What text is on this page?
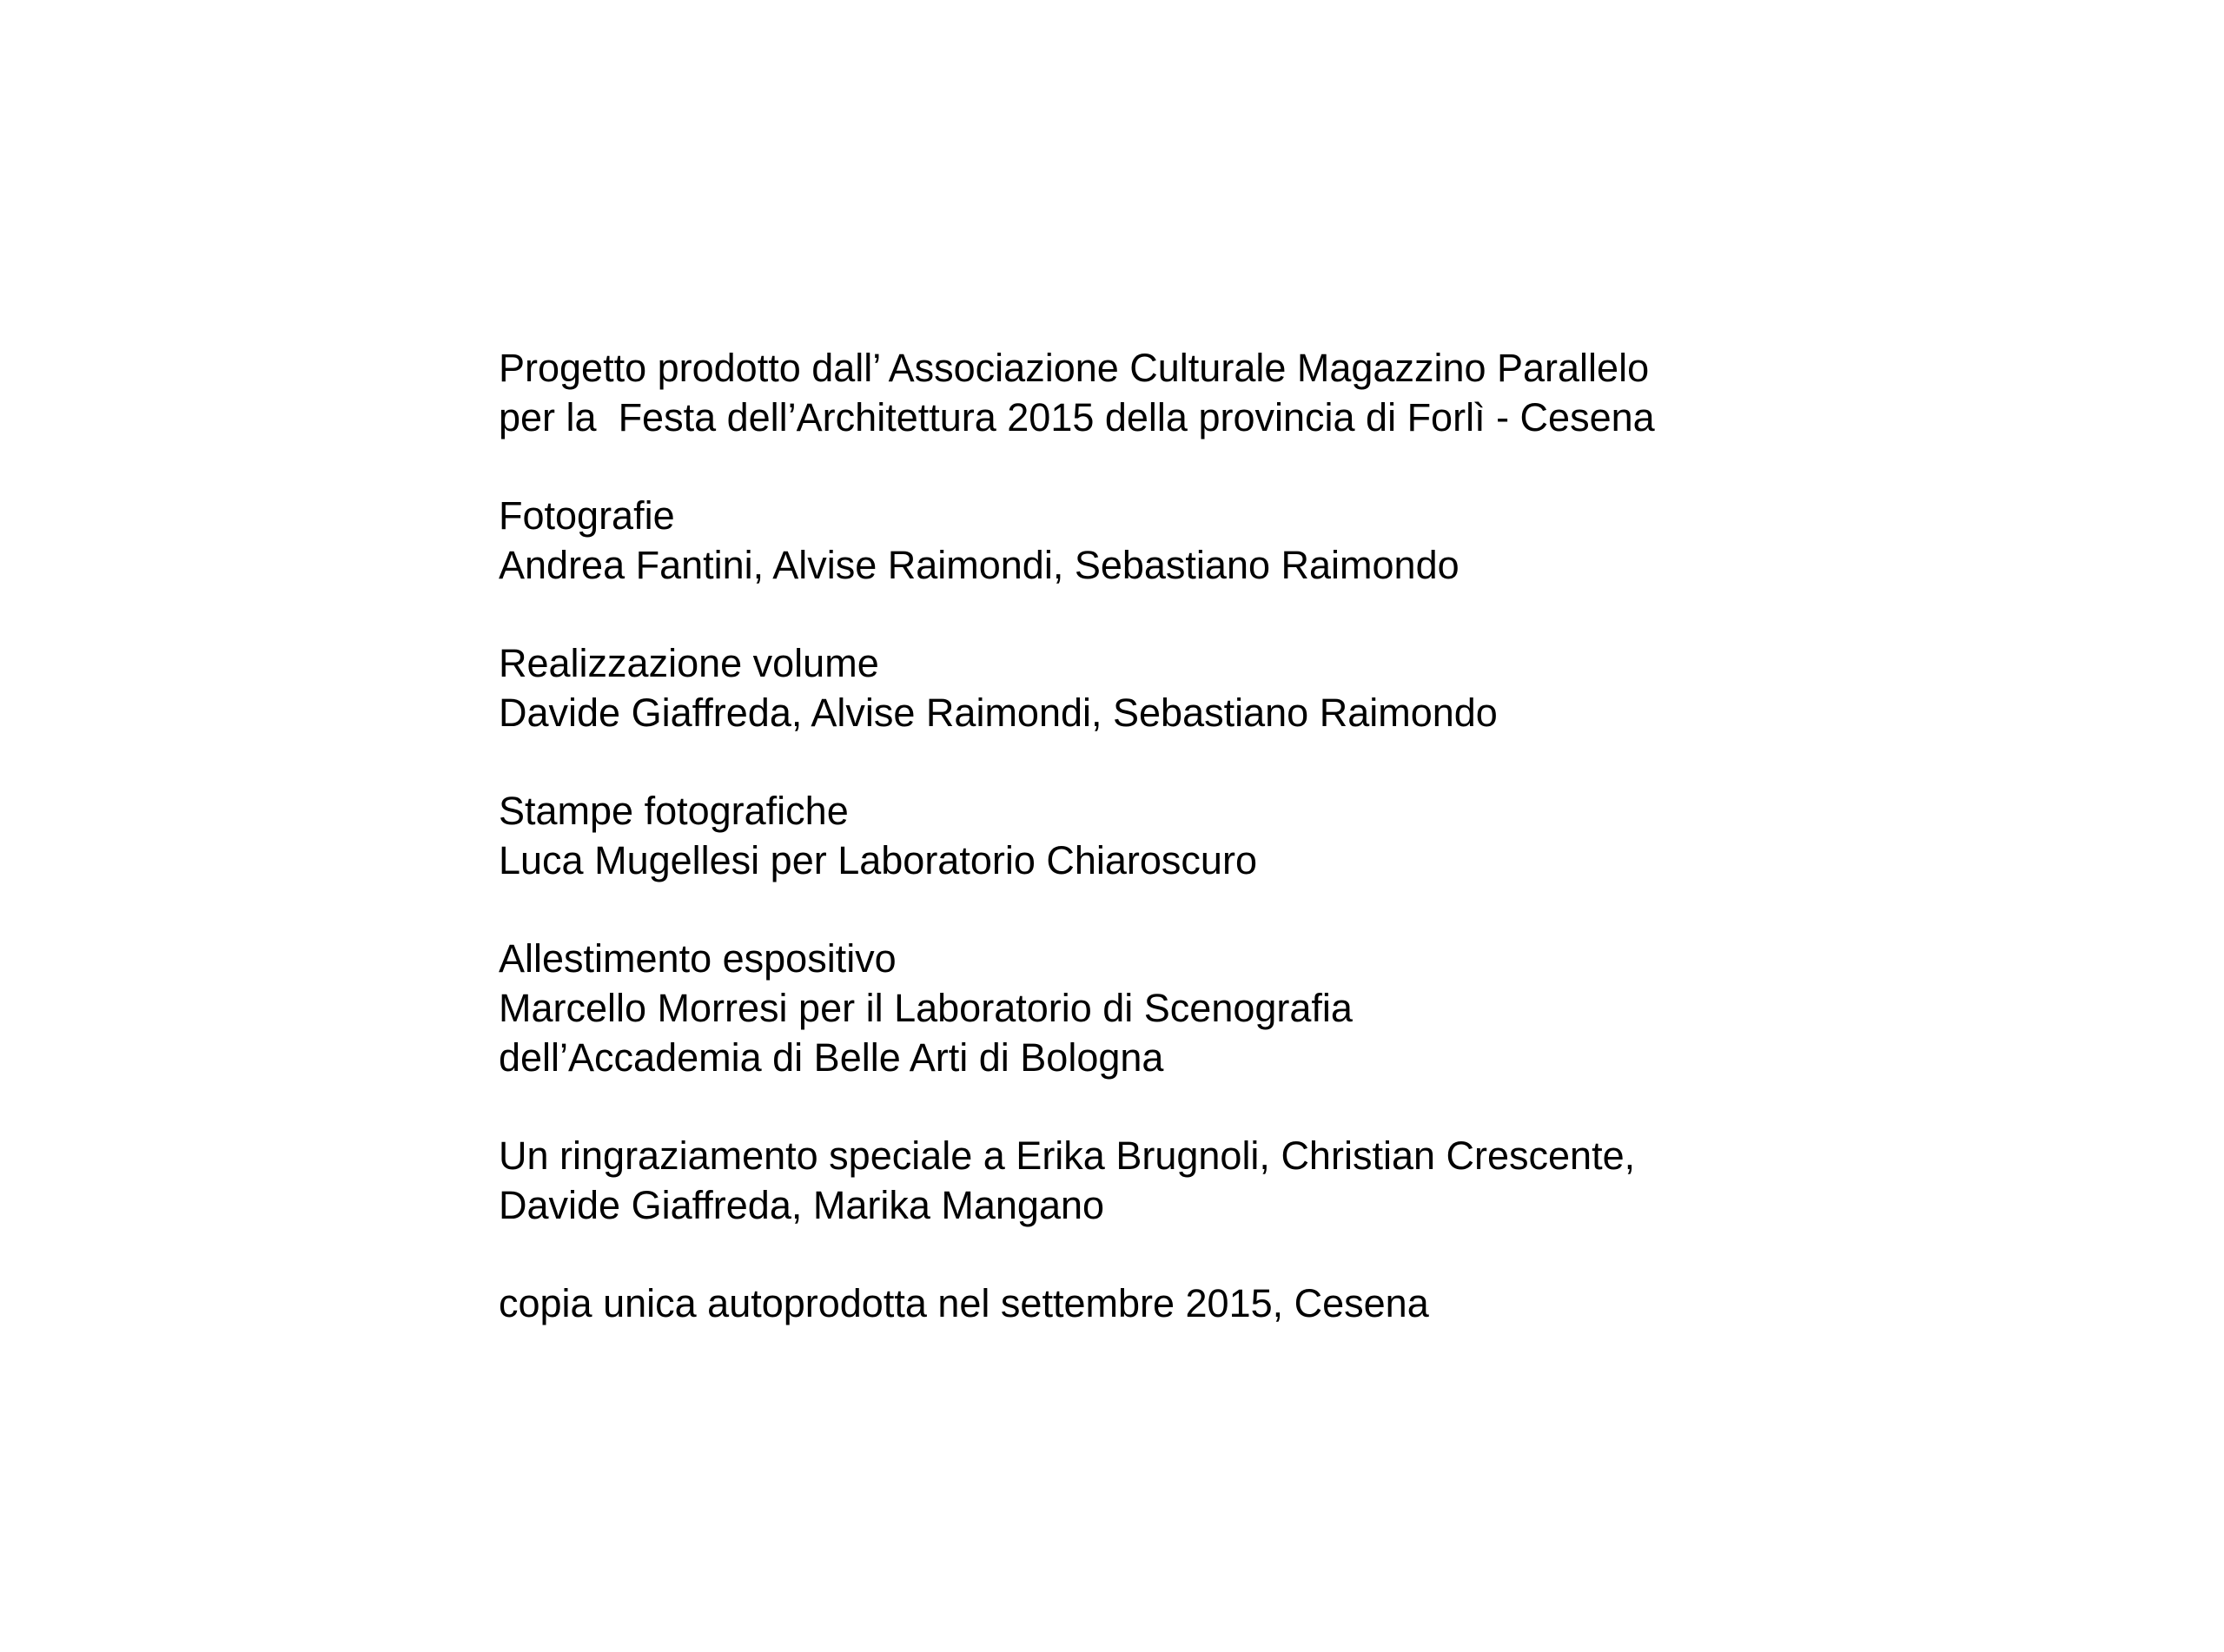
Progetto prodotto dall’ Associazione Culturale Magazzino Parallelo
per la  Festa dell’Architettura 2015 della provincia di Forlì - Cesena
Fotografie
Andrea Fantini, Alvise Raimondi, Sebastiano Raimondo
Realizzazione volume
Davide Giaffreda, Alvise Raimondi, Sebastiano Raimondo
Stampe fotografiche
Luca Mugellesi per Laboratorio Chiaroscuro
Allestimento espositivo
Marcello Morresi per il Laboratorio di Scenografia
dell’Accademia di Belle Arti di Bologna
Un ringraziamento speciale a Erika Brugnoli, Christian Crescente,
Davide Giaffreda, Marika Mangano
copia unica autoprodotta nel settembre 2015, Cesena
